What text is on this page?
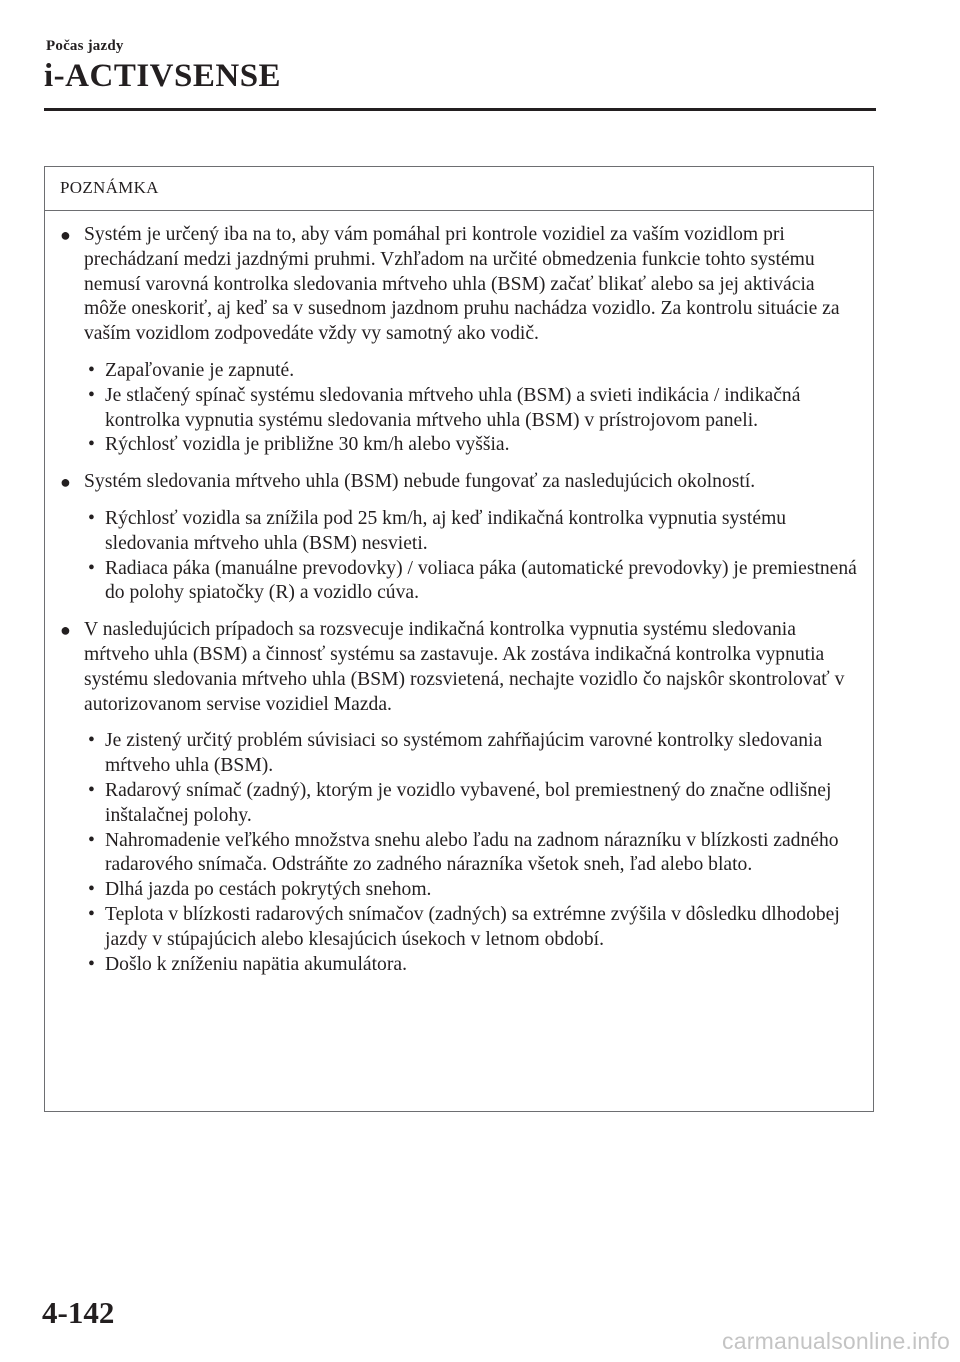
Počas jazdy
i-ACTIVSENSE
POZNÁMKA
● Systém je určený iba na to, aby vám pomáhal pri kontrole vozidiel za vaším vozidlom pri prechádzaní medzi jazdnými pruhmi. Vzhľadom na určité obmedzenia funkcie tohto systému nemusí varovná kontrolka sledovania mŕtveho uhla (BSM) začať blikať alebo sa jej aktivácia môže oneskoriť, aj keď sa v susednom jazdnom pruhu nachádza vozidlo. Za kontrolu situácie za vaším vozidlom zodpovedáte vždy vy samotný ako vodič.
• Zapaľovanie je zapnuté.
• Je stlačený spínač systému sledovania mŕtveho uhla (BSM) a svieti indikácia / indikačná kontrolka vypnutia systému sledovania mŕtveho uhla (BSM) v prístrojovom paneli.
• Rýchlosť vozidla je približne 30 km/h alebo vyššia.
● Systém sledovania mŕtveho uhla (BSM) nebude fungovať za nasledujúcich okolností.
• Rýchlosť vozidla sa znížila pod 25 km/h, aj keď indikačná kontrolka vypnutia systému sledovania mŕtveho uhla (BSM) nesvieti.
• Radiaca páka (manuálne prevodovky) / voliaca páka (automatické prevodovky) je premiestnená do polohy spiatočky (R) a vozidlo cúva.
● V nasledujúcich prípadoch sa rozsvecuje indikačná kontrolka vypnutia systému sledovania mŕtveho uhla (BSM) a činnosť systému sa zastavuje. Ak zostáva indikačná kontrolka vypnutia systému sledovania mŕtveho uhla (BSM) rozsvietená, nechajte vozidlo čo najskôr skontrolovať v autorizovanom servise vozidiel Mazda.
• Je zistený určitý problém súvisiaci so systémom zahŕňajúcim varovné kontrolky sledovania mŕtveho uhla (BSM).
• Radarový snímač (zadný), ktorým je vozidlo vybavené, bol premiestnený do značne odlišnej inštalačnej polohy.
• Nahromadenie veľkého množstva snehu alebo ľadu na zadnom nárazníku v blízkosti zadného radarového snímača. Odstráňte zo zadného nárazníka všetok sneh, ľad alebo blato.
• Dlhá jazda po cestách pokrytých snehom.
• Teplota v blízkosti radarových snímačov (zadných) sa extrémne zvýšila v dôsledku dlhodobej jazdy v stúpajúcich alebo klesajúcich úsekoch v letnom období.
• Došlo k zníženiu napätia akumulátora.
4-142
carmanualsonline.info
